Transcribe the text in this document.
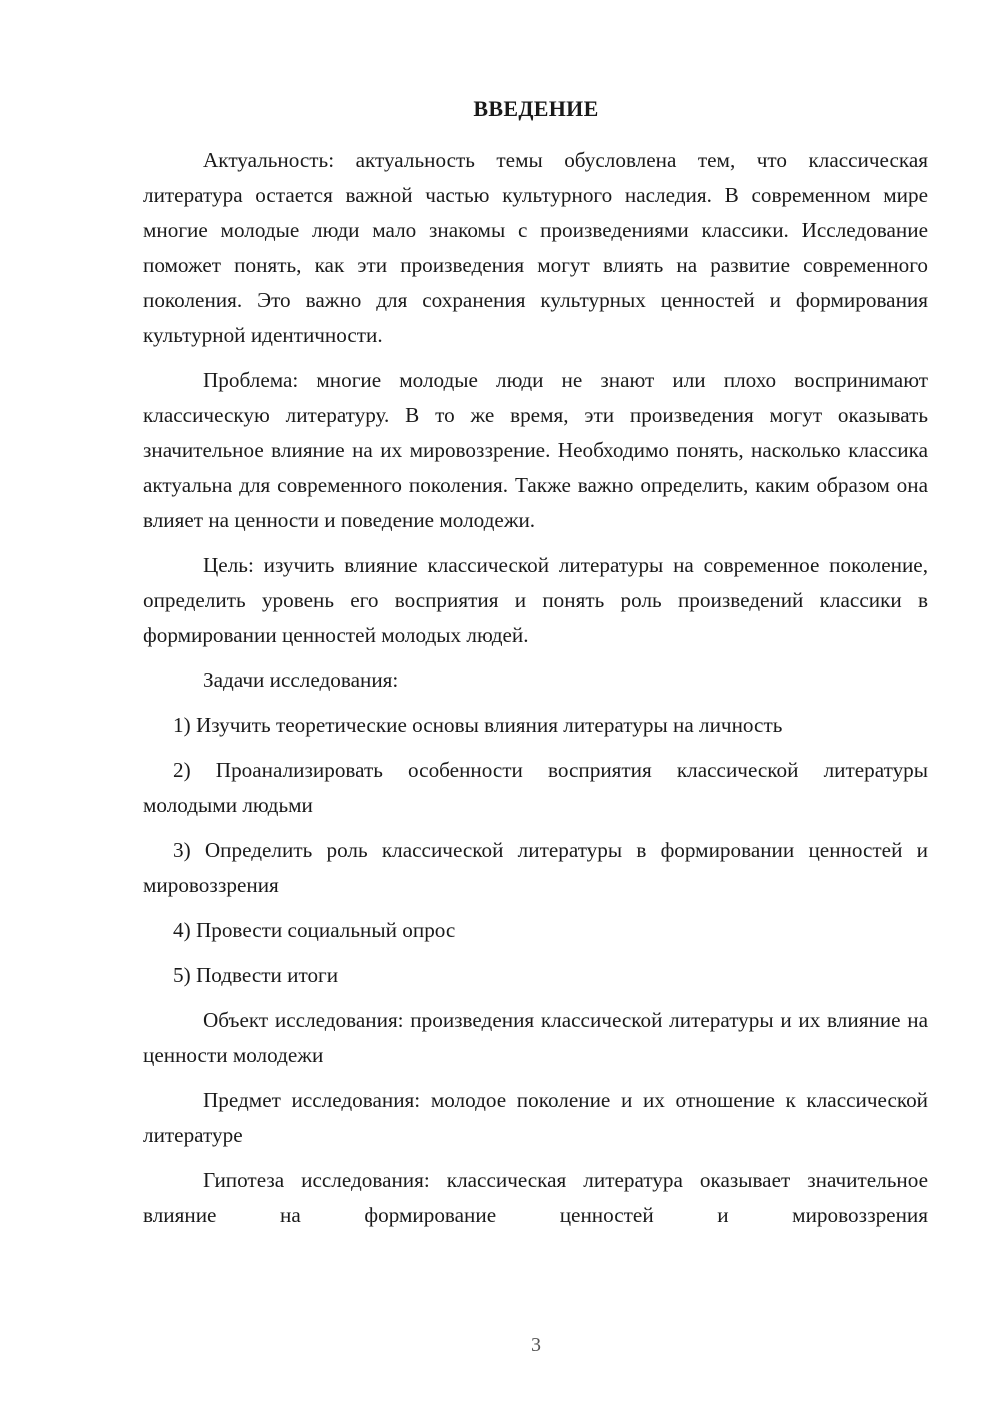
ВВЕДЕНИЕ

Актуальность: актуальность темы обусловлена тем, что классическая литература остается важной частью культурного наследия. В современном мире многие молодые люди мало знакомы с произведениями классики. Исследование поможет понять, как эти произведения могут влиять на развитие современного поколения. Это важно для сохранения культурных ценностей и формирования культурной идентичности.

Проблема: многие молодые люди не знают или плохо воспринимают классическую литературу. В то же время, эти произведения могут оказывать значительное влияние на их мировоззрение. Необходимо понять, насколько классика актуальна для современного поколения. Также важно определить, каким образом она влияет на ценности и поведение молодежи.

Цель: изучить влияние классической литературы на современное поколение, определить уровень его восприятия и понять роль произведений классики в формировании ценностей молодых людей.

Задачи исследования:

1) Изучить теоретические основы влияния литературы на личность

2) Проанализировать особенности восприятия классической литературы молодыми людьми

3) Определить роль классической литературы в формировании ценностей и мировоззрения

4) Провести социальный опрос

5) Подвести итоги

Объект исследования: произведения классической литературы и их влияние на ценности молодежи

Предмет исследования: молодое поколение и их отношение к классической литературе

Гипотеза исследования: классическая литература оказывает значительное влияние на формирование ценностей и мировоззрения

3
